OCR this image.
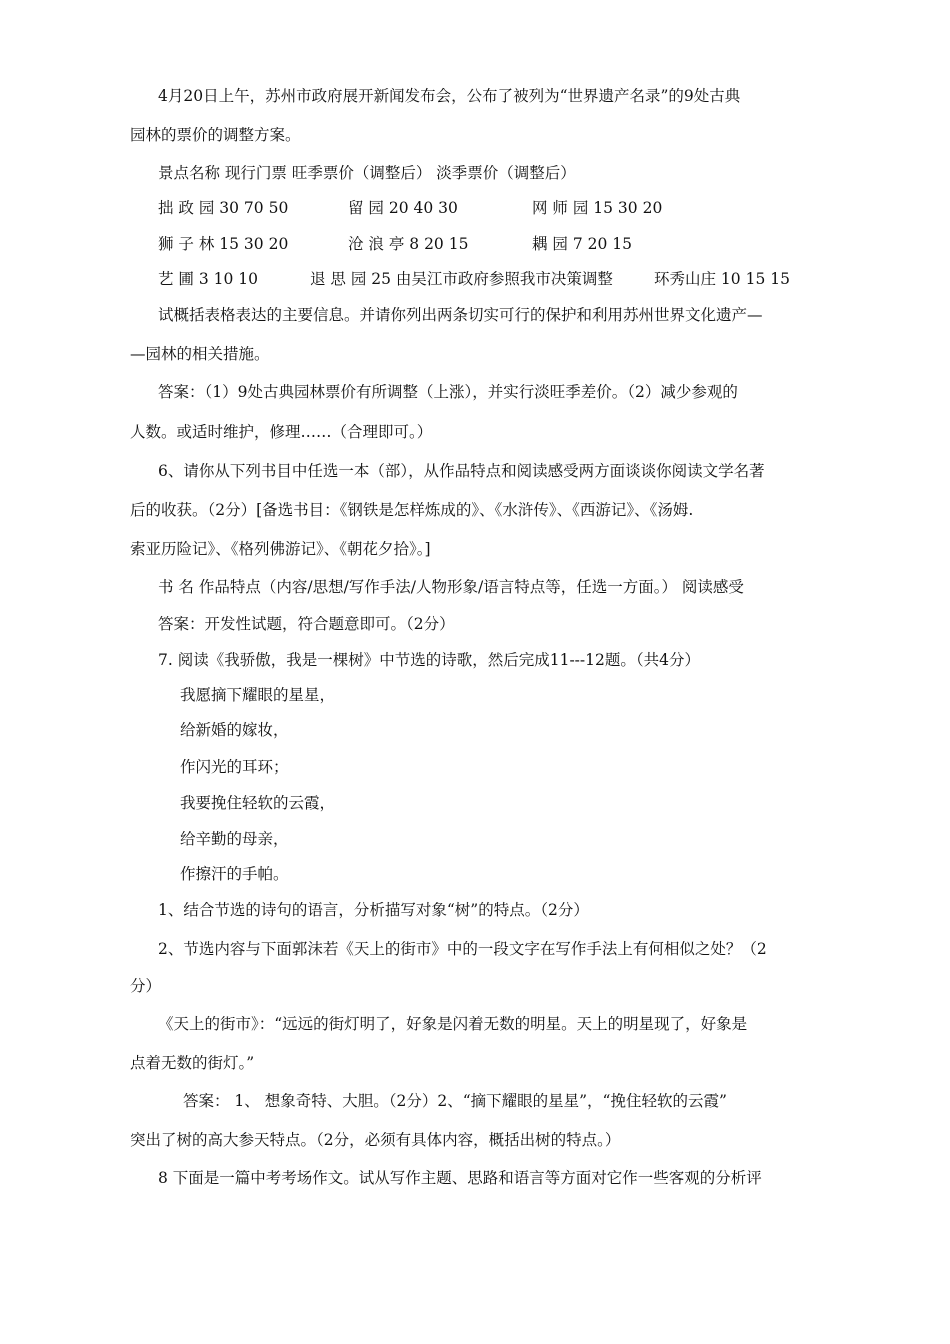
4月20日上午，苏州市政府展开新闻发布会，公布了被列为“世界遗产名录”的9处古典
园林的票价的调整方案。
景点名称 现行门票 旺季票价（调整后） 淡季票价（调整后）
拙 政 园 30 70 50	留 园 20 40 30	网 师 园 15 30 20
狮 子 林 15 30 20	沧 浪 亭 8 20 15	耦 园 7 20 15
艺 圃 3 10 10	退 思 园 25 由吴江市政府参照我市决策调整	环秀山庄 10 15 15
试概括表格表达的主要信息。并请你列出两条切实可行的保护和利用苏州世界文化遗产—
—园林的相关措施。
答案：（1）9处古典园林票价有所调整（上涨），并实行淡旺季差价。（2）减少参观的
人数。或适时维护，修理……（合理即可。）
6、请你从下列书目中任选一本（部），从作品特点和阅读感受两方面谈谈你阅读文学名著
后的收获。（2分）[备选书目：《钢铁是怎样炼成的》、《水浒传》、《西游记》、《汤姆.
索亚历险记》、《格列佛游记》、《朝花夕拾》。]
书 名 作品特点（内容/思想/写作手法/人物形象/语言特点等，任选一方面。） 阅读感受
答案：开发性试题，符合题意即可。（2分）
7. 阅读《我骄傲，我是一棵树》中节选的诗歌，然后完成11---12题。（共4分）
我愿摘下耀眼的星星，
给新婚的嫁妆，
作闪光的耳环；
我要挽住轻软的云霞，
给辛勤的母亲，
作擦汗的手帕。
1、结合节选的诗句的语言，分析描写对象“树”的特点。（2分）
2、节选内容与下面郭沫若《天上的街市》中的一段文字在写作手法上有何相似之处？（2
分）
《天上的街市》：“远远的街灯明了，好象是闪着无数的明星。天上的明星现了，好象是
点着无数的街灯。”
答案： 1、 想象奇特、大胆。（2分）2、“摘下耀眼的星星”，“挽住轻软的云霞”
突出了树的高大参天特点。（2分，必须有具体内容，概括出树的特点。）
8 下面是一篇中考考场作文。试从写作主题、思路和语言等方面对它作一些客观的分析评
